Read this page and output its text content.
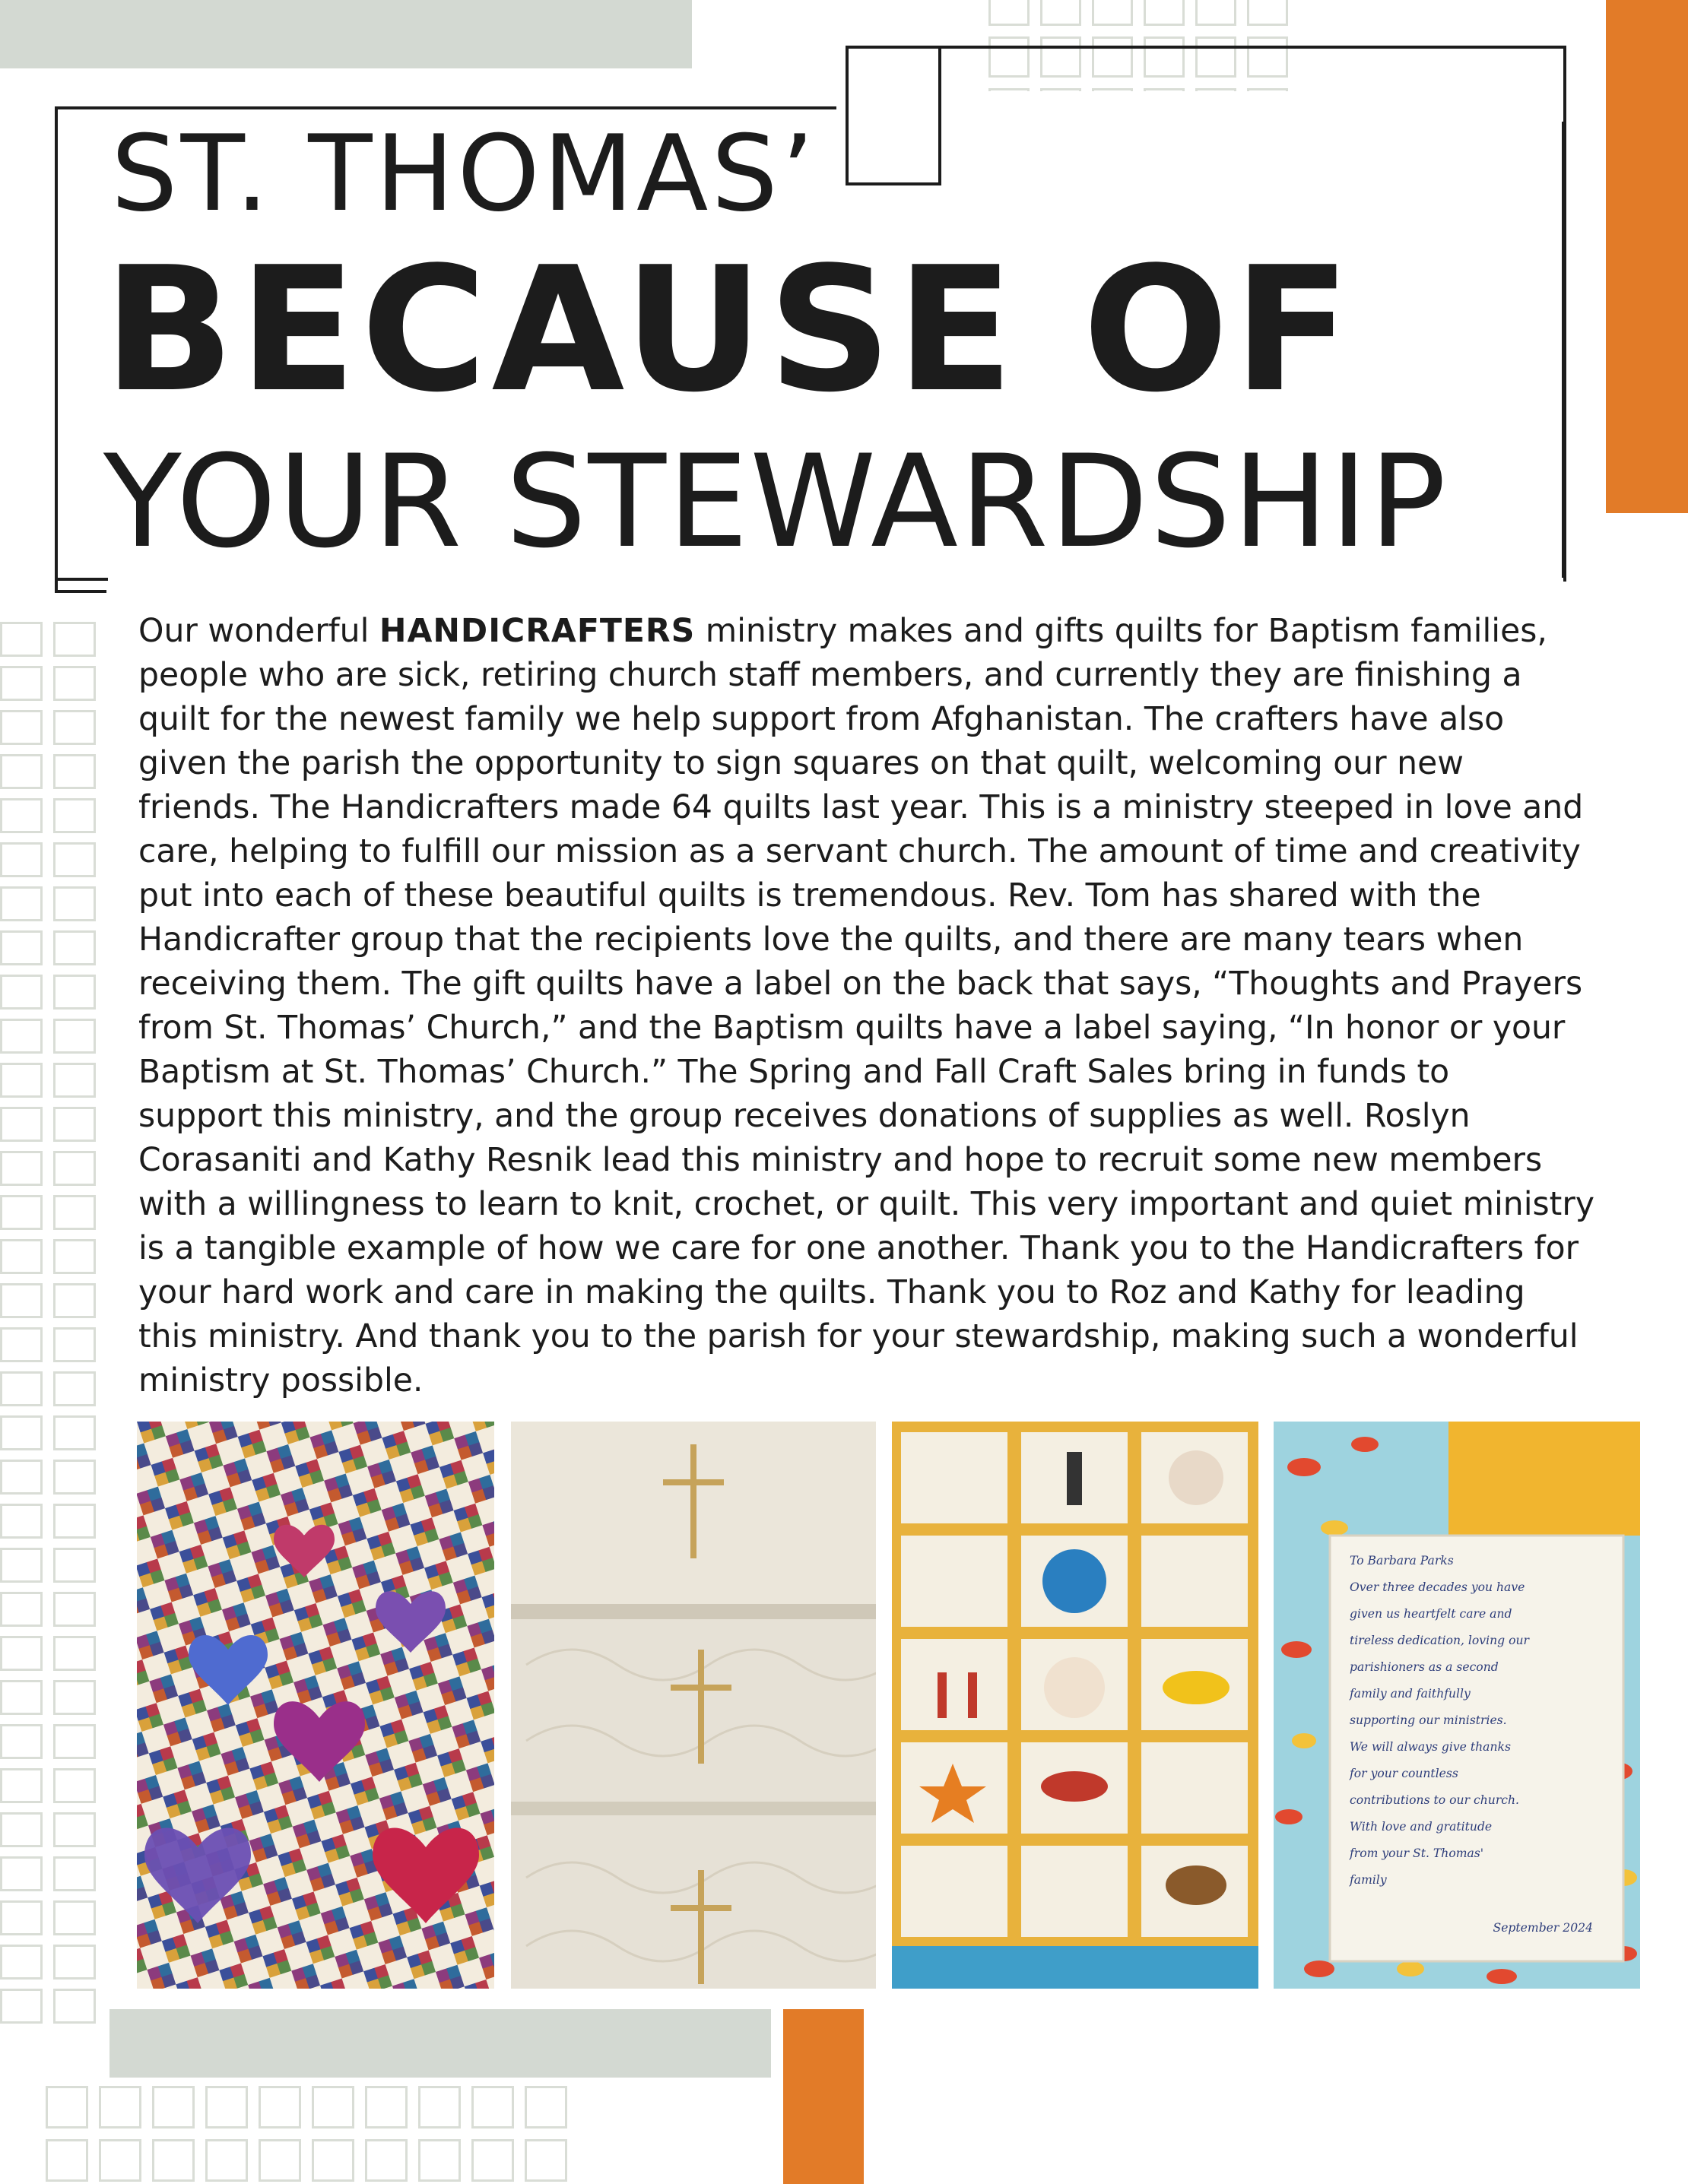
ST. THOMAS’
BECAUSE OF
YOUR STEWARDSHIP
Our wonderful HANDICRAFTERS ministry makes and gifts quilts for Baptism families,
people who are sick, retiring church staff members, and currently they are finishing a
quilt for the newest family we help support from Afghanistan. The crafters have also
given the parish the opportunity to sign squares on that quilt, welcoming our new
friends. The Handicrafters made 64 quilts last year. This is a ministry steeped in love and
care, helping to fulfill our mission as a servant church. The amount of time and creativity
put into each of these beautiful quilts is tremendous. Rev. Tom has shared with the
Handicrafter group that the recipients love the quilts, and there are many tears when
receiving them. The gift quilts have a label on the back that says, “Thoughts and Prayers
from St. Thomas’ Church,” and the Baptism quilts have a label saying, “In honor or your
Baptism at St. Thomas’ Church.” The Spring and Fall Craft Sales bring in funds to
support this ministry, and the group receives donations of supplies as well. Roslyn
Corasaniti and Kathy Resnik lead this ministry and hope to recruit some new members
with a willingness to learn to knit, crochet, or quilt. This very important and quiet ministry
is a tangible example of how we care for one another. Thank you to the Handicrafters for
your hard work and care in making the quilts. Thank you to Roz and Kathy for leading
this ministry. And thank you to the parish for your stewardship, making such a wonderful
ministry possible.
To Barbara Parks
Over three decades you have
given us heartfelt care and
tireless dedication, loving our
parishioners as a second
family and faithfully
supporting our ministries.
We will always give thanks
for your countless
contributions to our church.
With love and gratitude
from your St. Thomas'
family
September 2024
